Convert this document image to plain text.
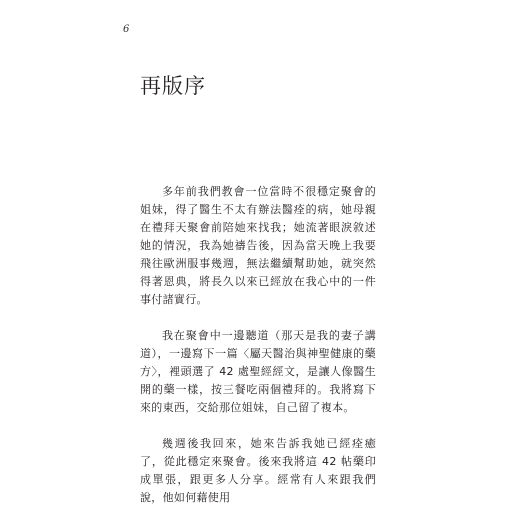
6
再版序

多年前我們教會一位當時不很穩定聚會的姐妹，得了醫生不太有辦法醫痊的病，她母親在禮拜天聚會前陪她來找我；她流著眼淚敘述她的情況，我為她禱告後，因為當天晚上我要飛往歐洲服事幾週，無法繼續幫助她，就突然得著恩典，將長久以來已經放在我心中的一件事付諸實行。

我在聚會中一邊聽道（那天是我的妻子講道），一邊寫下一篇〈屬天醫治與神聖健康的藥方〉，裡頭選了 42 處聖經經文，是讓人像醫生開的藥一樣，按三餐吃兩個禮拜的。我將寫下來的東西，交給那位姐妹，自己留了複本。

幾週後我回來，她來告訴我她已經痊癒了，從此穩定來聚會。後來我將這 42 帖藥印成單張，跟更多人分享。經常有人來跟我們說，他如何藉使用
